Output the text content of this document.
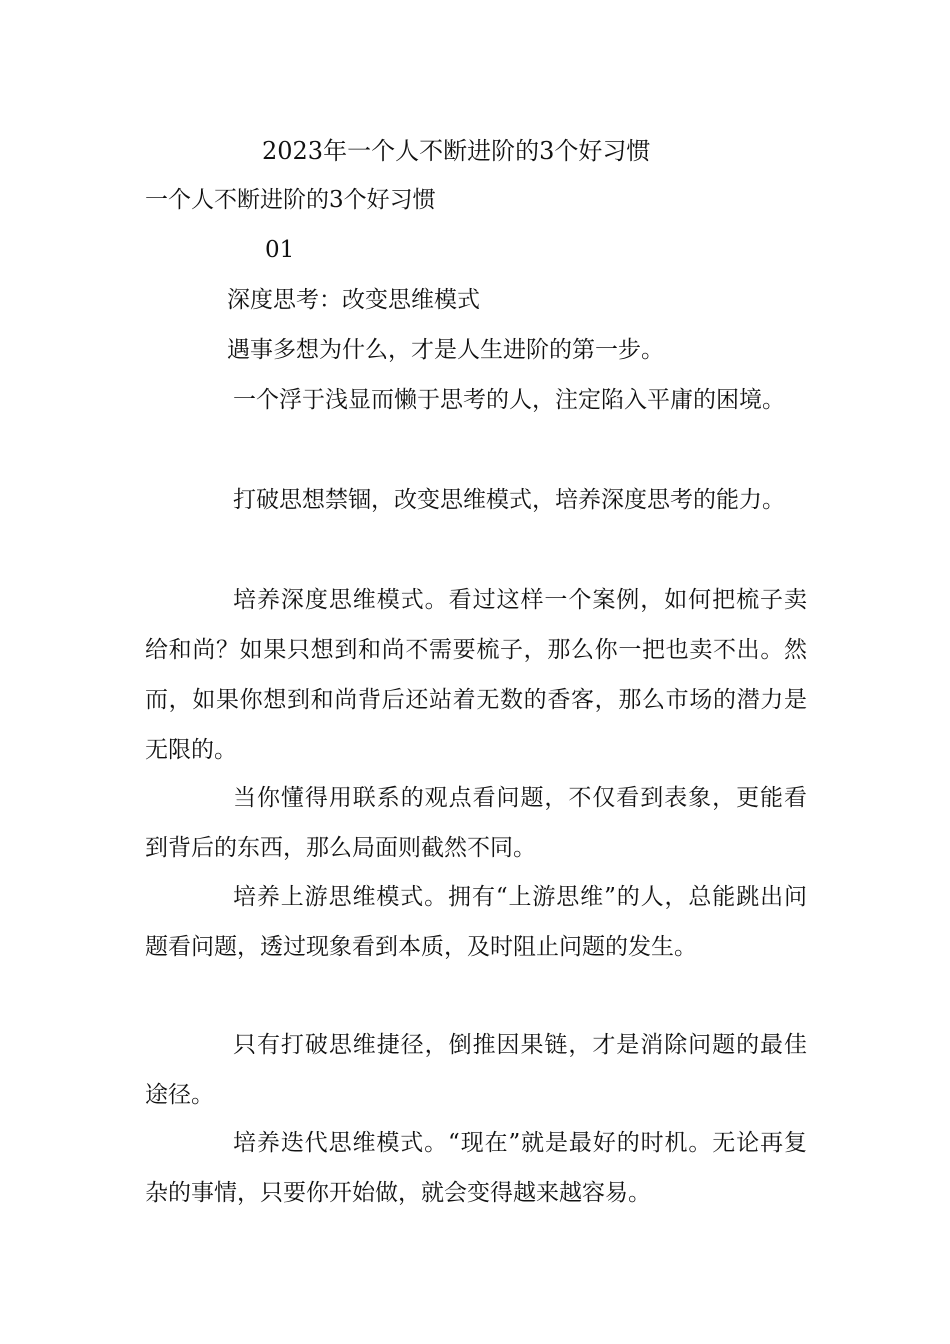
2023年一个人不断进阶的3个好习惯
一个人不断进阶的3个好习惯
01
深度思考：改变思维模式
遇事多想为什么，才是人生进阶的第一步。

一个浮于浅显而懒于思考的人，注定陷入平庸的困境。

打破思想禁锢，改变思维模式，培养深度思考的能力。

培养深度思维模式。看过这样一个案例，如何把梳子卖给和尚？如果只想到和尚不需要梳子，那么你一把也卖不出。然而，如果你想到和尚背后还站着无数的香客，那么市场的潜力是无限的。

当你懂得用联系的观点看问题，不仅看到表象，更能看到背后的东西，那么局面则截然不同。

培养上游思维模式。拥有“上游思维”的人，总能跳出问题看问题，透过现象看到本质，及时阻止问题的发生。

只有打破思维捷径，倒推因果链，才是消除问题的最佳途径。

培养迭代思维模式。“现在”就是最好的时机。无论再复杂的事情，只要你开始做，就会变得越来越容易。
